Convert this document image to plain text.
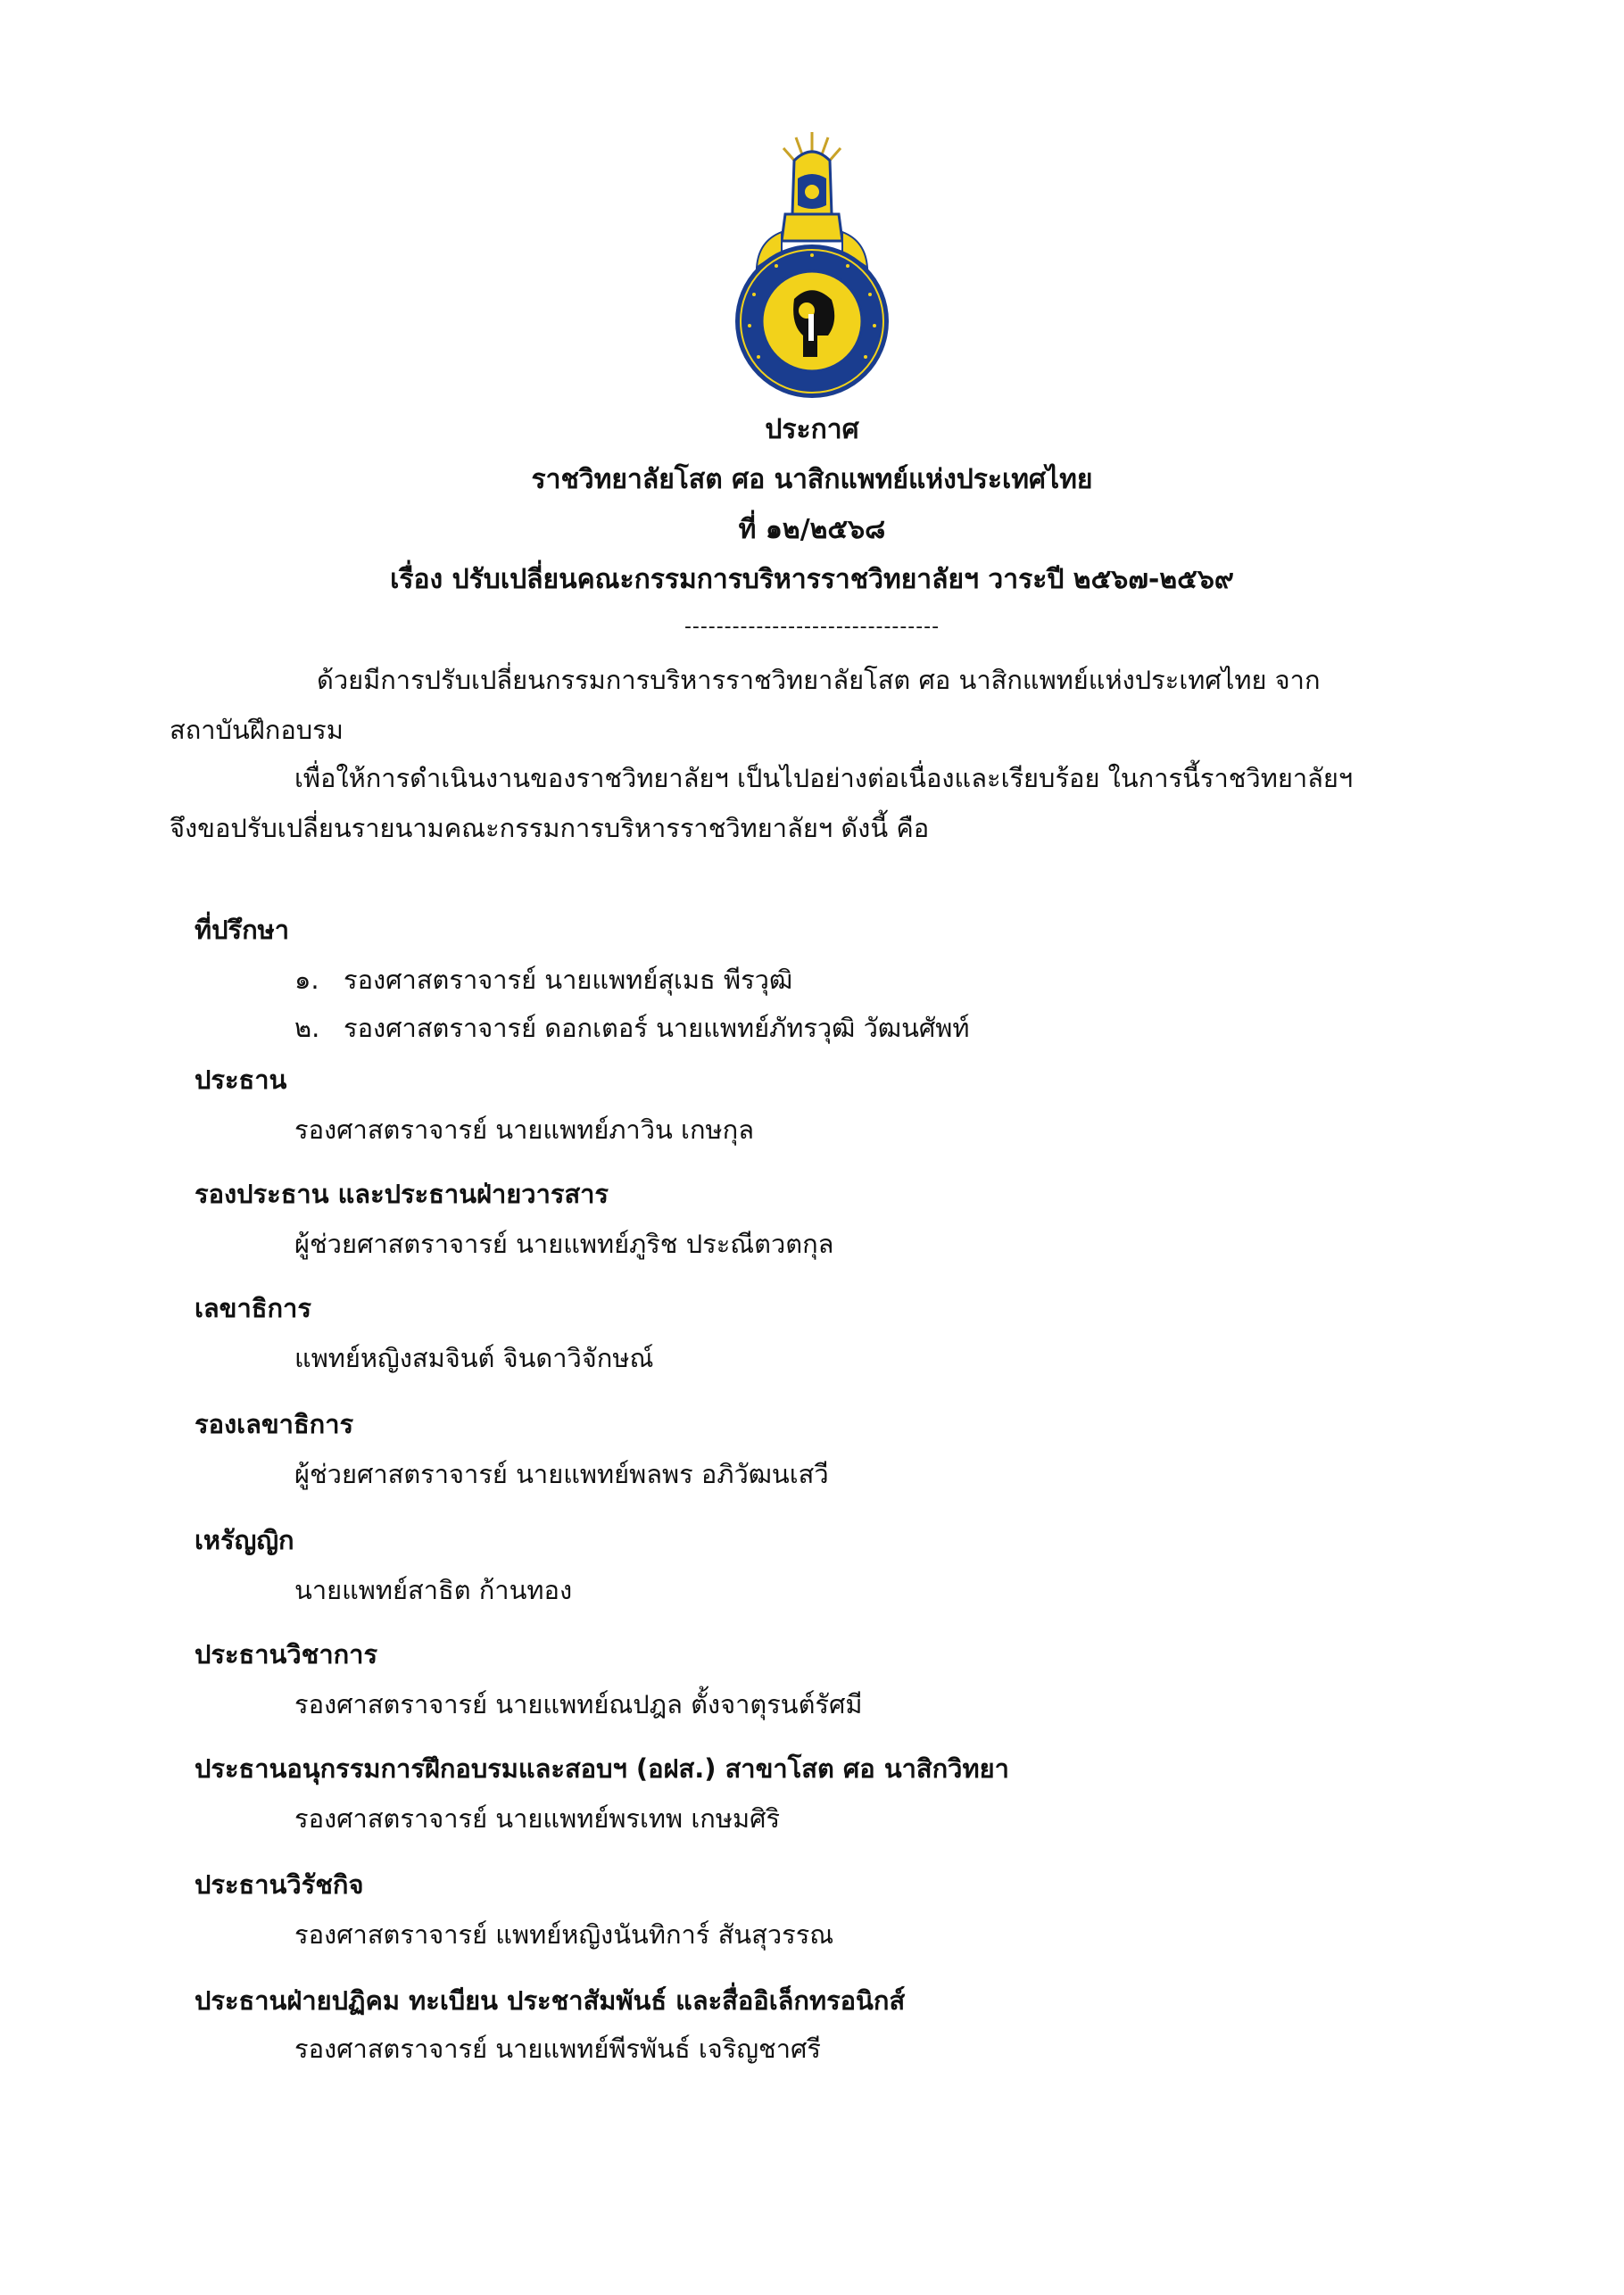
ประกาศ
ราชวิทยาลัยโสต ศอ นาสิกแพทย์แห่งประเทศไทย
ที่ ๑๒/๒๕๖๘
เรื่อง ปรับเปลี่ยนคณะกรรมการบริหารราชวิทยาลัยฯ วาระปี ๒๕๖๗-๒๕๖๙
--------------------------------
ด้วยมีการปรับเปลี่ยนกรรมการบริหารราชวิทยาลัยโสต ศอ นาสิกแพทย์แห่งประเทศไทย จาก
สถาบันฝึกอบรม
เพื่อให้การดำเนินงานของราชวิทยาลัยฯ เป็นไปอย่างต่อเนื่องและเรียบร้อย ในการนี้ราชวิทยาลัยฯ
จึงขอปรับเปลี่ยนรายนามคณะกรรมการบริหารราชวิทยาลัยฯ ดังนี้ คือ
ที่ปรึกษา
๑. รองศาสตราจารย์ นายแพทย์สุเมธ พีรวุฒิ
๒. รองศาสตราจารย์ ดอกเตอร์ นายแพทย์ภัทรวุฒิ วัฒนศัพท์
ประธาน
รองศาสตราจารย์ นายแพทย์ภาวิน เกษกุล
รองประธาน และประธานฝ่ายวารสาร
ผู้ช่วยศาสตราจารย์ นายแพทย์ภูริช ประณีตวตกุล
เลขาธิการ
แพทย์หญิงสมจินต์ จินดาวิจักษณ์
รองเลขาธิการ
ผู้ช่วยศาสตราจารย์ นายแพทย์พลพร อภิวัฒนเสวี
เหรัญญิก
นายแพทย์สาธิต ก้านทอง
ประธานวิชาการ
รองศาสตราจารย์ นายแพทย์ณปฎล ตั้งจาตุรนต์รัศมี
ประธานอนุกรรมการฝึกอบรมและสอบฯ (อฝส.) สาขาโสต ศอ นาสิกวิทยา
รองศาสตราจารย์ นายแพทย์พรเทพ เกษมศิริ
ประธานวิรัชกิจ
รองศาสตราจารย์ แพทย์หญิงนันทิการ์ สันสุวรรณ
ประธานฝ่ายปฏิคม ทะเบียน ประชาสัมพันธ์ และสื่ออิเล็กทรอนิกส์
รองศาสตราจารย์ นายแพทย์พีรพันธ์ เจริญชาศรี
